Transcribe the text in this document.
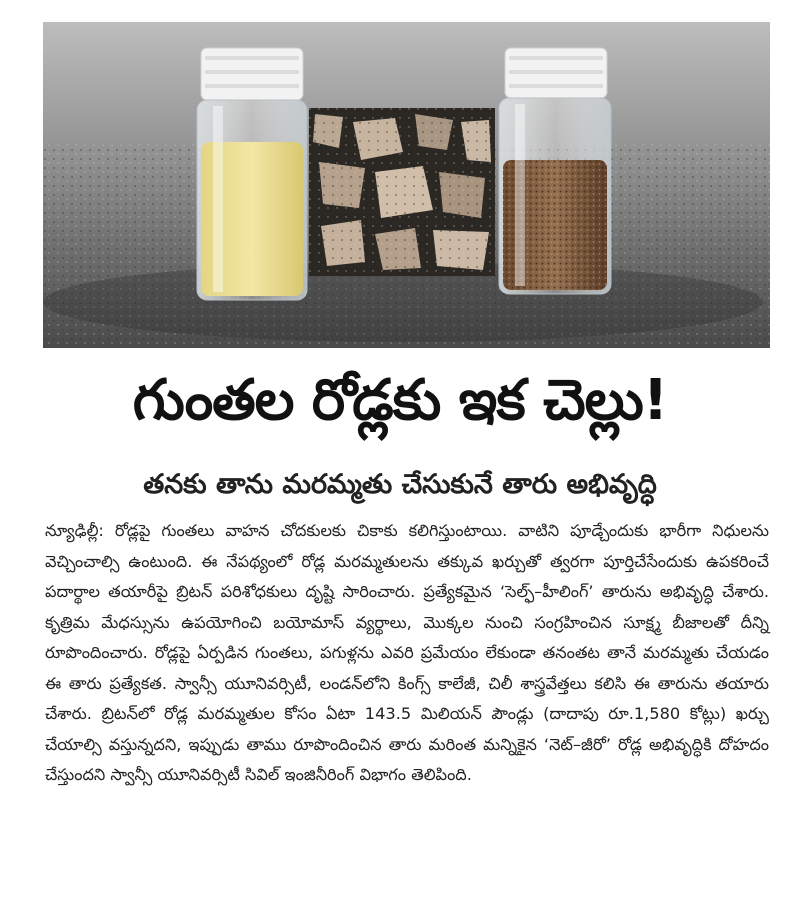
గుంతల రోడ్లకు ఇక చెల్లు!
తనకు తాను మరమ్మతు చేసుకునే తారు అభివృద్ధి

న్యూఢిల్లీ: రోడ్లపై గుంతలు వాహన చోదకులకు చికాకు కలిగిస్తుంటాయి. వాటిని పూడ్చేందుకు భారీగా నిధులను వెచ్చించాల్సి ఉంటుంది. ఈ నేపథ్యంలో రోడ్ల మరమ్మతులను తక్కువ ఖర్చుతో త్వరగా పూర్తిచేసేందుకు ఉపకరించే పదార్థాల తయారీపై బ్రిటన్ పరిశోధకులు దృష్టి సారించారు. ప్రత్యేకమైన ‘సెల్ఫ్–హీలింగ్’ తారును అభివృద్ధి చేశారు. కృత్రిమ మేధస్సును ఉపయోగించి బయోమాస్ వ్యర్థాలు, మొక్కల నుంచి సంగ్రహించిన సూక్ష్మ బీజాలతో దీన్ని రూపొందించారు. రోడ్లపై ఏర్పడిన గుంతలు, పగుళ్లను ఎవరి ప్రమేయం లేకుండా తనంతట తానే మరమ్మతు చేయడం ఈ తారు ప్రత్యేకత. స్వాన్సీ యూనివర్సిటీ, లండన్‌లోని కింగ్స్ కాలేజీ, చిలీ శాస్త్రవేత్తలు కలిసి ఈ తారును తయారు చేశారు. బ్రిటన్‌లో రోడ్ల మరమ్మతుల కోసం ఏటా 143.5 మిలియన్ పౌండ్లు (దాదాపు రూ.1,580 కోట్లు) ఖర్చు చేయాల్సి వస్తున్నదని, ఇప్పుడు తాము రూపొందించిన తారు మరింత మన్నికైన ‘నెట్–జీరో’ రోడ్ల అభివృద్ధికి దోహదం చేస్తుందని స్వాన్సీ యూనివర్సిటీ సివిల్ ఇంజినీరింగ్ విభాగం తెలిపింది.
